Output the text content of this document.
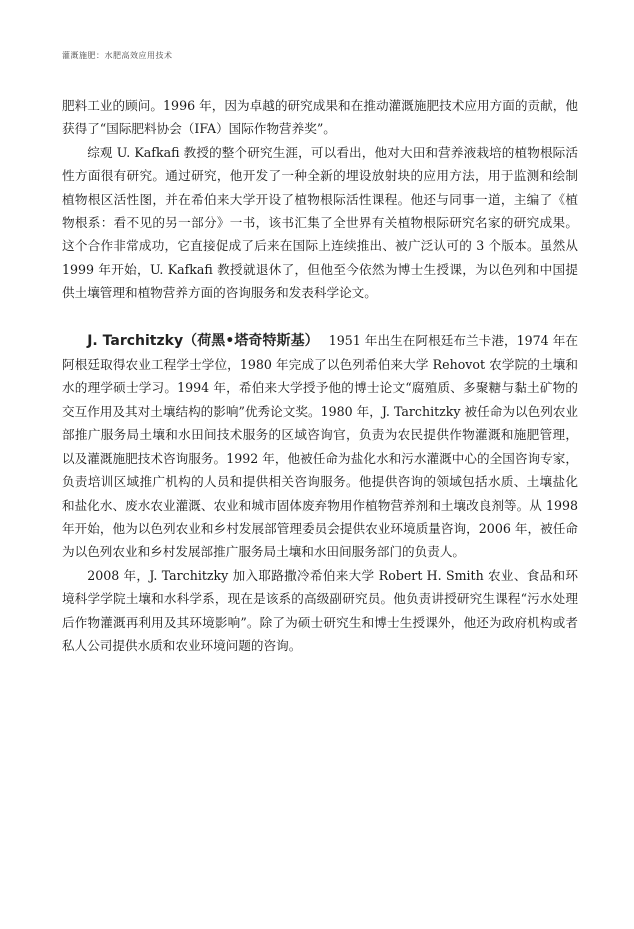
灌溉施肥：水肥高效应用技术

肥料工业的顾问。1996 年，因为卓越的研究成果和在推动灌溉施肥技术应用方面的贡献，他获得了“国际肥料协会（IFA）国际作物营养奖”。

综观 U. Kafkafi 教授的整个研究生涯，可以看出，他对大田和营养液栽培的植物根际活性方面很有研究。通过研究，他开发了一种全新的埋设放射块的应用方法，用于监测和绘制植物根区活性图，并在希伯来大学开设了植物根际活性课程。他还与同事一道，主编了《植物根系：看不见的另一部分》一书，该书汇集了全世界有关植物根际研究名家的研究成果。这个合作非常成功，它直接促成了后来在国际上连续推出、被广泛认可的 3 个版本。虽然从 1999 年开始，U. Kafkafi 教授就退休了，但他至今依然为博士生授课，为以色列和中国提供土壤管理和植物营养方面的咨询服务和发表科学论文。

J. Tarchitzky（荷黑•塔奇特斯基） 1951 年出生在阿根廷布兰卡港，1974 年在阿根廷取得农业工程学士学位，1980 年完成了以色列希伯来大学 Rehovot 农学院的土壤和水的理学硕士学习。1994 年，希伯来大学授予他的博士论文“腐殖质、多聚糖与黏土矿物的交互作用及其对土壤结构的影响”优秀论文奖。1980 年，J. Tarchitzky 被任命为以色列农业部推广服务局土壤和水田间技术服务的区域咨询官，负责为农民提供作物灌溉和施肥管理，以及灌溉施肥技术咨询服务。1992 年，他被任命为盐化水和污水灌溉中心的全国咨询专家，负责培训区域推广机构的人员和提供相关咨询服务。他提供咨询的领域包括水质、土壤盐化和盐化水、废水农业灌溉、农业和城市固体废弃物用作植物营养剂和土壤改良剂等。从 1998 年开始，他为以色列农业和乡村发展部管理委员会提供农业环境质量咨询，2006 年，被任命为以色列农业和乡村发展部推广服务局土壤和水田间服务部门的负责人。

2008 年，J. Tarchitzky 加入耶路撒冷希伯来大学 Robert H. Smith 农业、食品和环境科学学院土壤和水科学系，现在是该系的高级副研究员。他负责讲授研究生课程“污水处理后作物灌溉再利用及其环境影响”。除了为硕士研究生和博士生授课外，他还为政府机构或者私人公司提供水质和农业环境问题的咨询。
